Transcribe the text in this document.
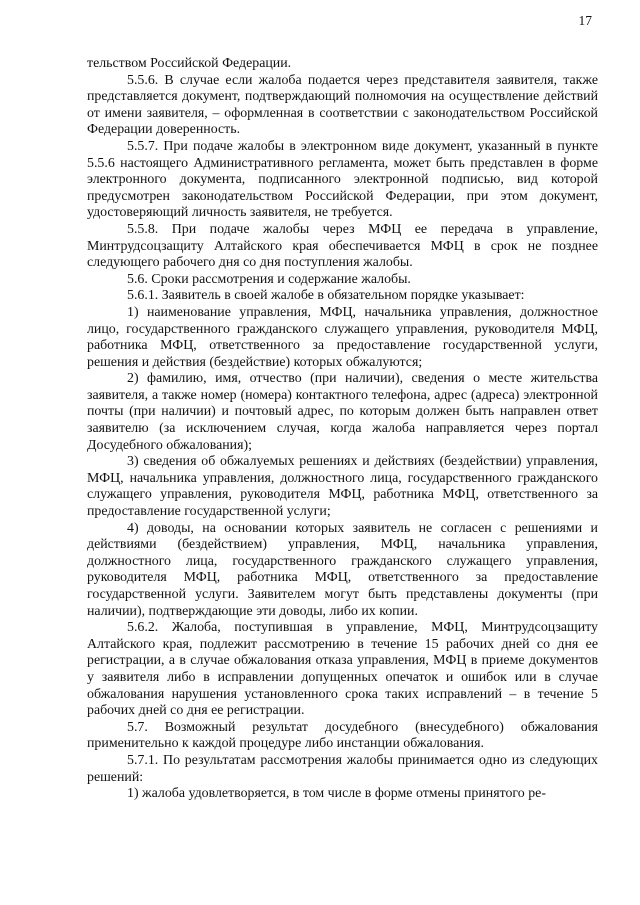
17

тельством Российской Федерации.

5.5.6. В случае если жалоба подается через представителя заявителя, также представляется документ, подтверждающий полномочия на осуществление действий от имени заявителя, – оформленная в соответствии с законодательством Российской Федерации доверенность.

5.5.7. При подаче жалобы в электронном виде документ, указанный в пункте 5.5.6 настоящего Административного регламента, может быть представлен в форме электронного документа, подписанного электронной подписью, вид которой предусмотрен законодательством Российской Федерации, при этом документ, удостоверяющий личность заявителя, не требуется.

5.5.8. При подаче жалобы через МФЦ ее передача в управление, Минтрудсоцзащиту Алтайского края обеспечивается МФЦ в срок не позднее следующего рабочего дня со дня поступления жалобы.

5.6. Сроки рассмотрения и содержание жалобы.

5.6.1. Заявитель в своей жалобе в обязательном порядке указывает:

1) наименование управления, МФЦ, начальника управления, должностное лицо, государственного гражданского служащего управления, руководителя МФЦ, работника МФЦ, ответственного за предоставление государственной услуги, решения и действия (бездействие) которых обжалуются;

2) фамилию, имя, отчество (при наличии), сведения о месте жительства заявителя, а также номер (номера) контактного телефона, адрес (адреса) электронной почты (при наличии) и почтовый адрес, по которым должен быть направлен ответ заявителю (за исключением случая, когда жалоба направляется через портал Досудебного обжалования);

3) сведения об обжалуемых решениях и действиях (бездействии) управления, МФЦ, начальника управления, должностного лица, государственного гражданского служащего управления, руководителя МФЦ, работника МФЦ, ответственного за предоставление государственной услуги;

4) доводы, на основании которых заявитель не согласен с решениями и действиями (бездействием) управления, МФЦ, начальника управления, должностного лица, государственного гражданского служащего управления, руководителя МФЦ, работника МФЦ, ответственного за предоставление государственной услуги. Заявителем могут быть представлены документы (при наличии), подтверждающие эти доводы, либо их копии.

5.6.2. Жалоба, поступившая в управление, МФЦ, Минтрудсоцзащиту Алтайского края, подлежит рассмотрению в течение 15 рабочих дней со дня ее регистрации, а в случае обжалования отказа управления, МФЦ в приеме документов у заявителя либо в исправлении допущенных опечаток и ошибок или в случае обжалования нарушения установленного срока таких исправлений – в течение 5 рабочих дней со дня ее регистрации.

5.7. Возможный результат досудебного (внесудебного) обжалования применительно к каждой процедуре либо инстанции обжалования.

5.7.1. По результатам рассмотрения жалобы принимается одно из следующих решений:

1) жалоба удовлетворяется, в том числе в форме отмены принятого ре-
